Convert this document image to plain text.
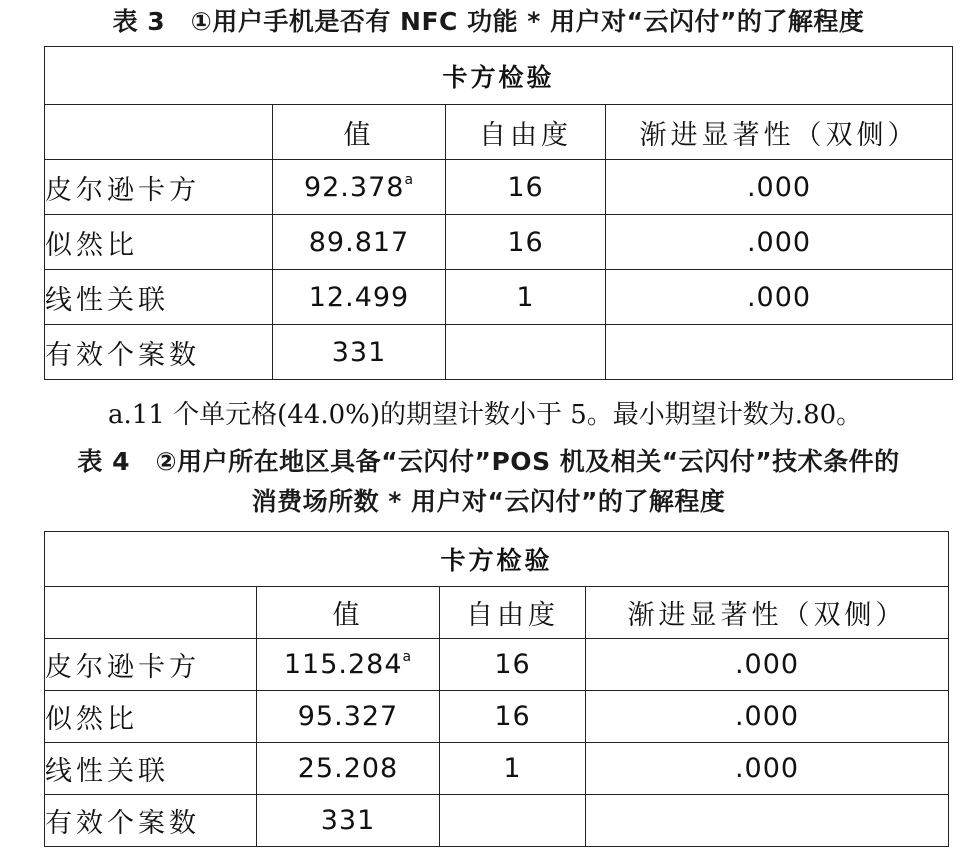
表 3　①用户手机是否有 NFC 功能 * 用户对“云闪付”的了解程度
卡方检验			
	值	自由度	渐进显著性（双侧）
皮尔逊卡方	92.378$^a$	16	.000
似然比	89.817	16	.000
线性关联	12.499	1	.000
有效个案数	331		
a.11 个单元格(44.0%)的期望计数小于 5。最小期望计数为.80。
表 4　②用户所在地区具备“云闪付”POS 机及相关“云闪付”技术条件的
消费场所数 * 用户对“云闪付”的了解程度
卡方检验			
	值	自由度	渐进显著性（双侧）
皮尔逊卡方	115.284$^a$	16	.000
似然比	95.327	16	.000
线性关联	25.208	1	.000
有效个案数	331		
